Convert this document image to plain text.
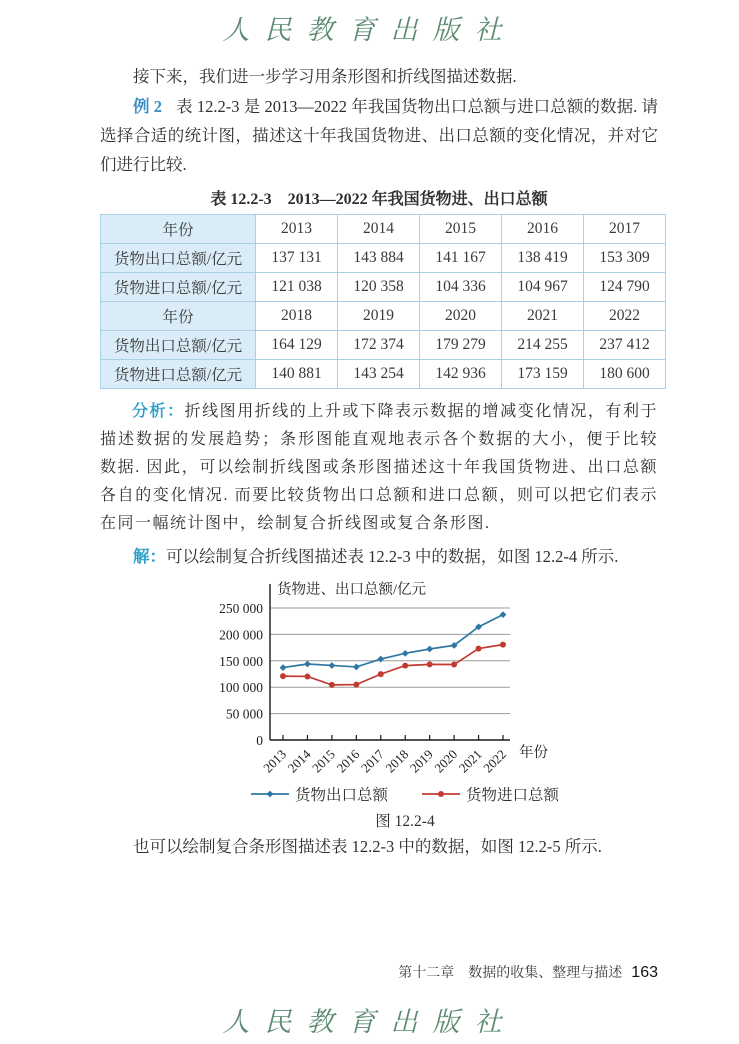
人民教育出版社

接下来，我们进一步学习用条形图和折线图描述数据.

例 2 表 12.2-3 是 2013—2022 年我国货物出口总额与进口总额的数据. 请选择合适的统计图，描述这十年我国货物进、出口总额的变化情况，并对它们进行比较.

表 12.2-3　2013—2022 年我国货物进、出口总额

年份	2013	2014	2015	2016	2017
货物出口总额/亿元	137 131	143 884	141 167	138 419	153 309
货物进口总额/亿元	121 038	120 358	104 336	104 967	124 790
年份	2018	2019	2020	2021	2022
货物出口总额/亿元	164 129	172 374	179 279	214 255	237 412
货物进口总额/亿元	140 881	143 254	142 936	173 159	180 600

分析：折线图用折线的上升或下降表示数据的增减变化情况，有利于描述数据的发展趋势；条形图能直观地表示各个数据的大小，便于比较数据. 因此，可以绘制折线图或条形图描述这十年我国货物进、出口总额各自的变化情况. 而要比较货物出口总额和进口总额，则可以把它们表示在同一幅统计图中，绘制复合折线图或复合条形图.

解：可以绘制复合折线图描述表 12.2-3 中的数据，如图 12.2-4 所示.

0
50 000
100 000
150 000
200 000
250 000
货物进、出口总额/亿元
年份
2013
2014
2015
2016
2017
2018
2019
2020
2021
2022
货物出口总额	货物进口总额
图 12.2-4

也可以绘制复合条形图描述表 12.2-3 中的数据，如图 12.2-5 所示.

第十二章　数据的收集、整理与描述 163
人民教育出版社
